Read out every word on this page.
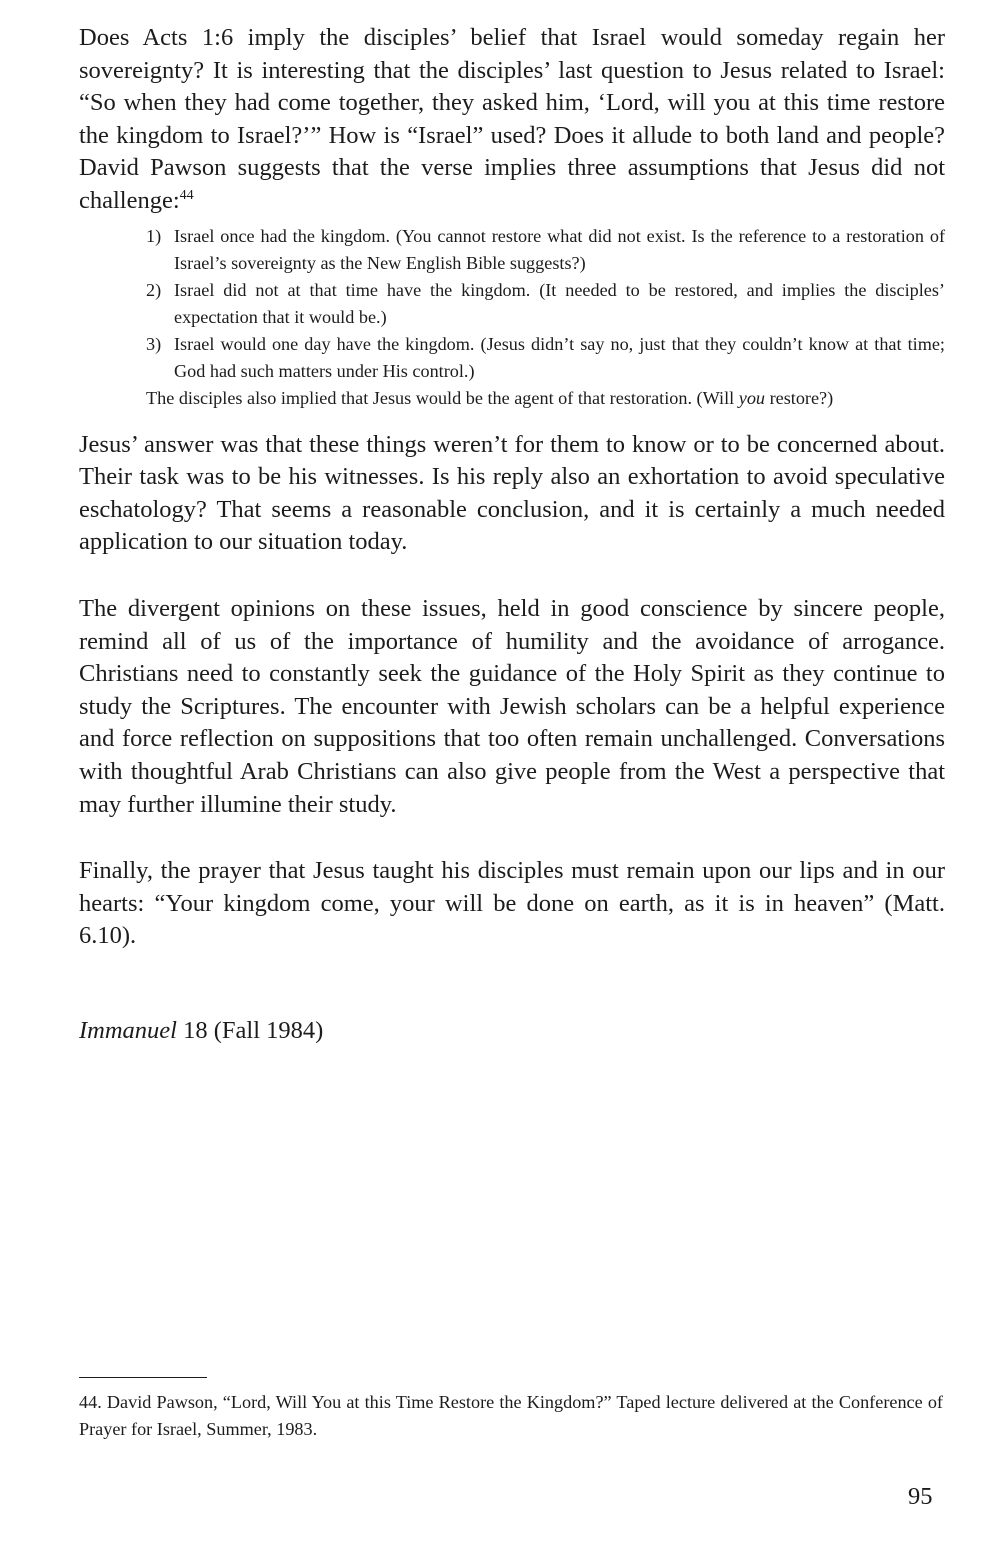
Does Acts 1:6 imply the disciples’ belief that Israel would someday regain her sovereignty? It is interesting that the disciples’ last question to Jesus related to Israel: “So when they had come together, they asked him, ‘Lord, will you at this time restore the kingdom to Israel?’” How is “Israel” used? Does it allude to both land and people? David Pawson suggests that the verse implies three assumptions that Jesus did not challenge:$^{44}$

1) Israel once had the kingdom. (You cannot restore what did not exist. Is the reference to a restoration of Israel’s sovereignty as the New English Bible suggests?)
2) Israel did not at that time have the kingdom. (It needed to be restored, and implies the disciples’ expectation that it would be.)
3) Israel would one day have the kingdom. (Jesus didn’t say no, just that they couldn’t know at that time; God had such matters under His control.)

The disciples also implied that Jesus would be the agent of that restoration. (Will you restore?)

Jesus’ answer was that these things weren’t for them to know or to be concerned about. Their task was to be his witnesses. Is his reply also an exhortation to avoid speculative eschatology? That seems a reasonable conclusion, and it is certainly a much needed application to our situation today.

The divergent opinions on these issues, held in good conscience by sincere people, remind all of us of the importance of humility and the avoidance of arrogance. Christians need to constantly seek the guidance of the Holy Spirit as they continue to study the Scriptures. The encounter with Jewish scholars can be a helpful experience and force reflection on suppositions that too often remain unchallenged. Conversations with thoughtful Arab Christians can also give people from the West a perspective that may further illumine their study.

Finally, the prayer that Jesus taught his disciples must remain upon our lips and in our hearts: “Your kingdom come, your will be done on earth, as it is in heaven” (Matt. 6.10).

Immanuel 18 (Fall 1984)

44. David Pawson, “Lord, Will You at this Time Restore the Kingdom?” Taped lecture delivered at the Conference of Prayer for Israel, Summer, 1983.

95
